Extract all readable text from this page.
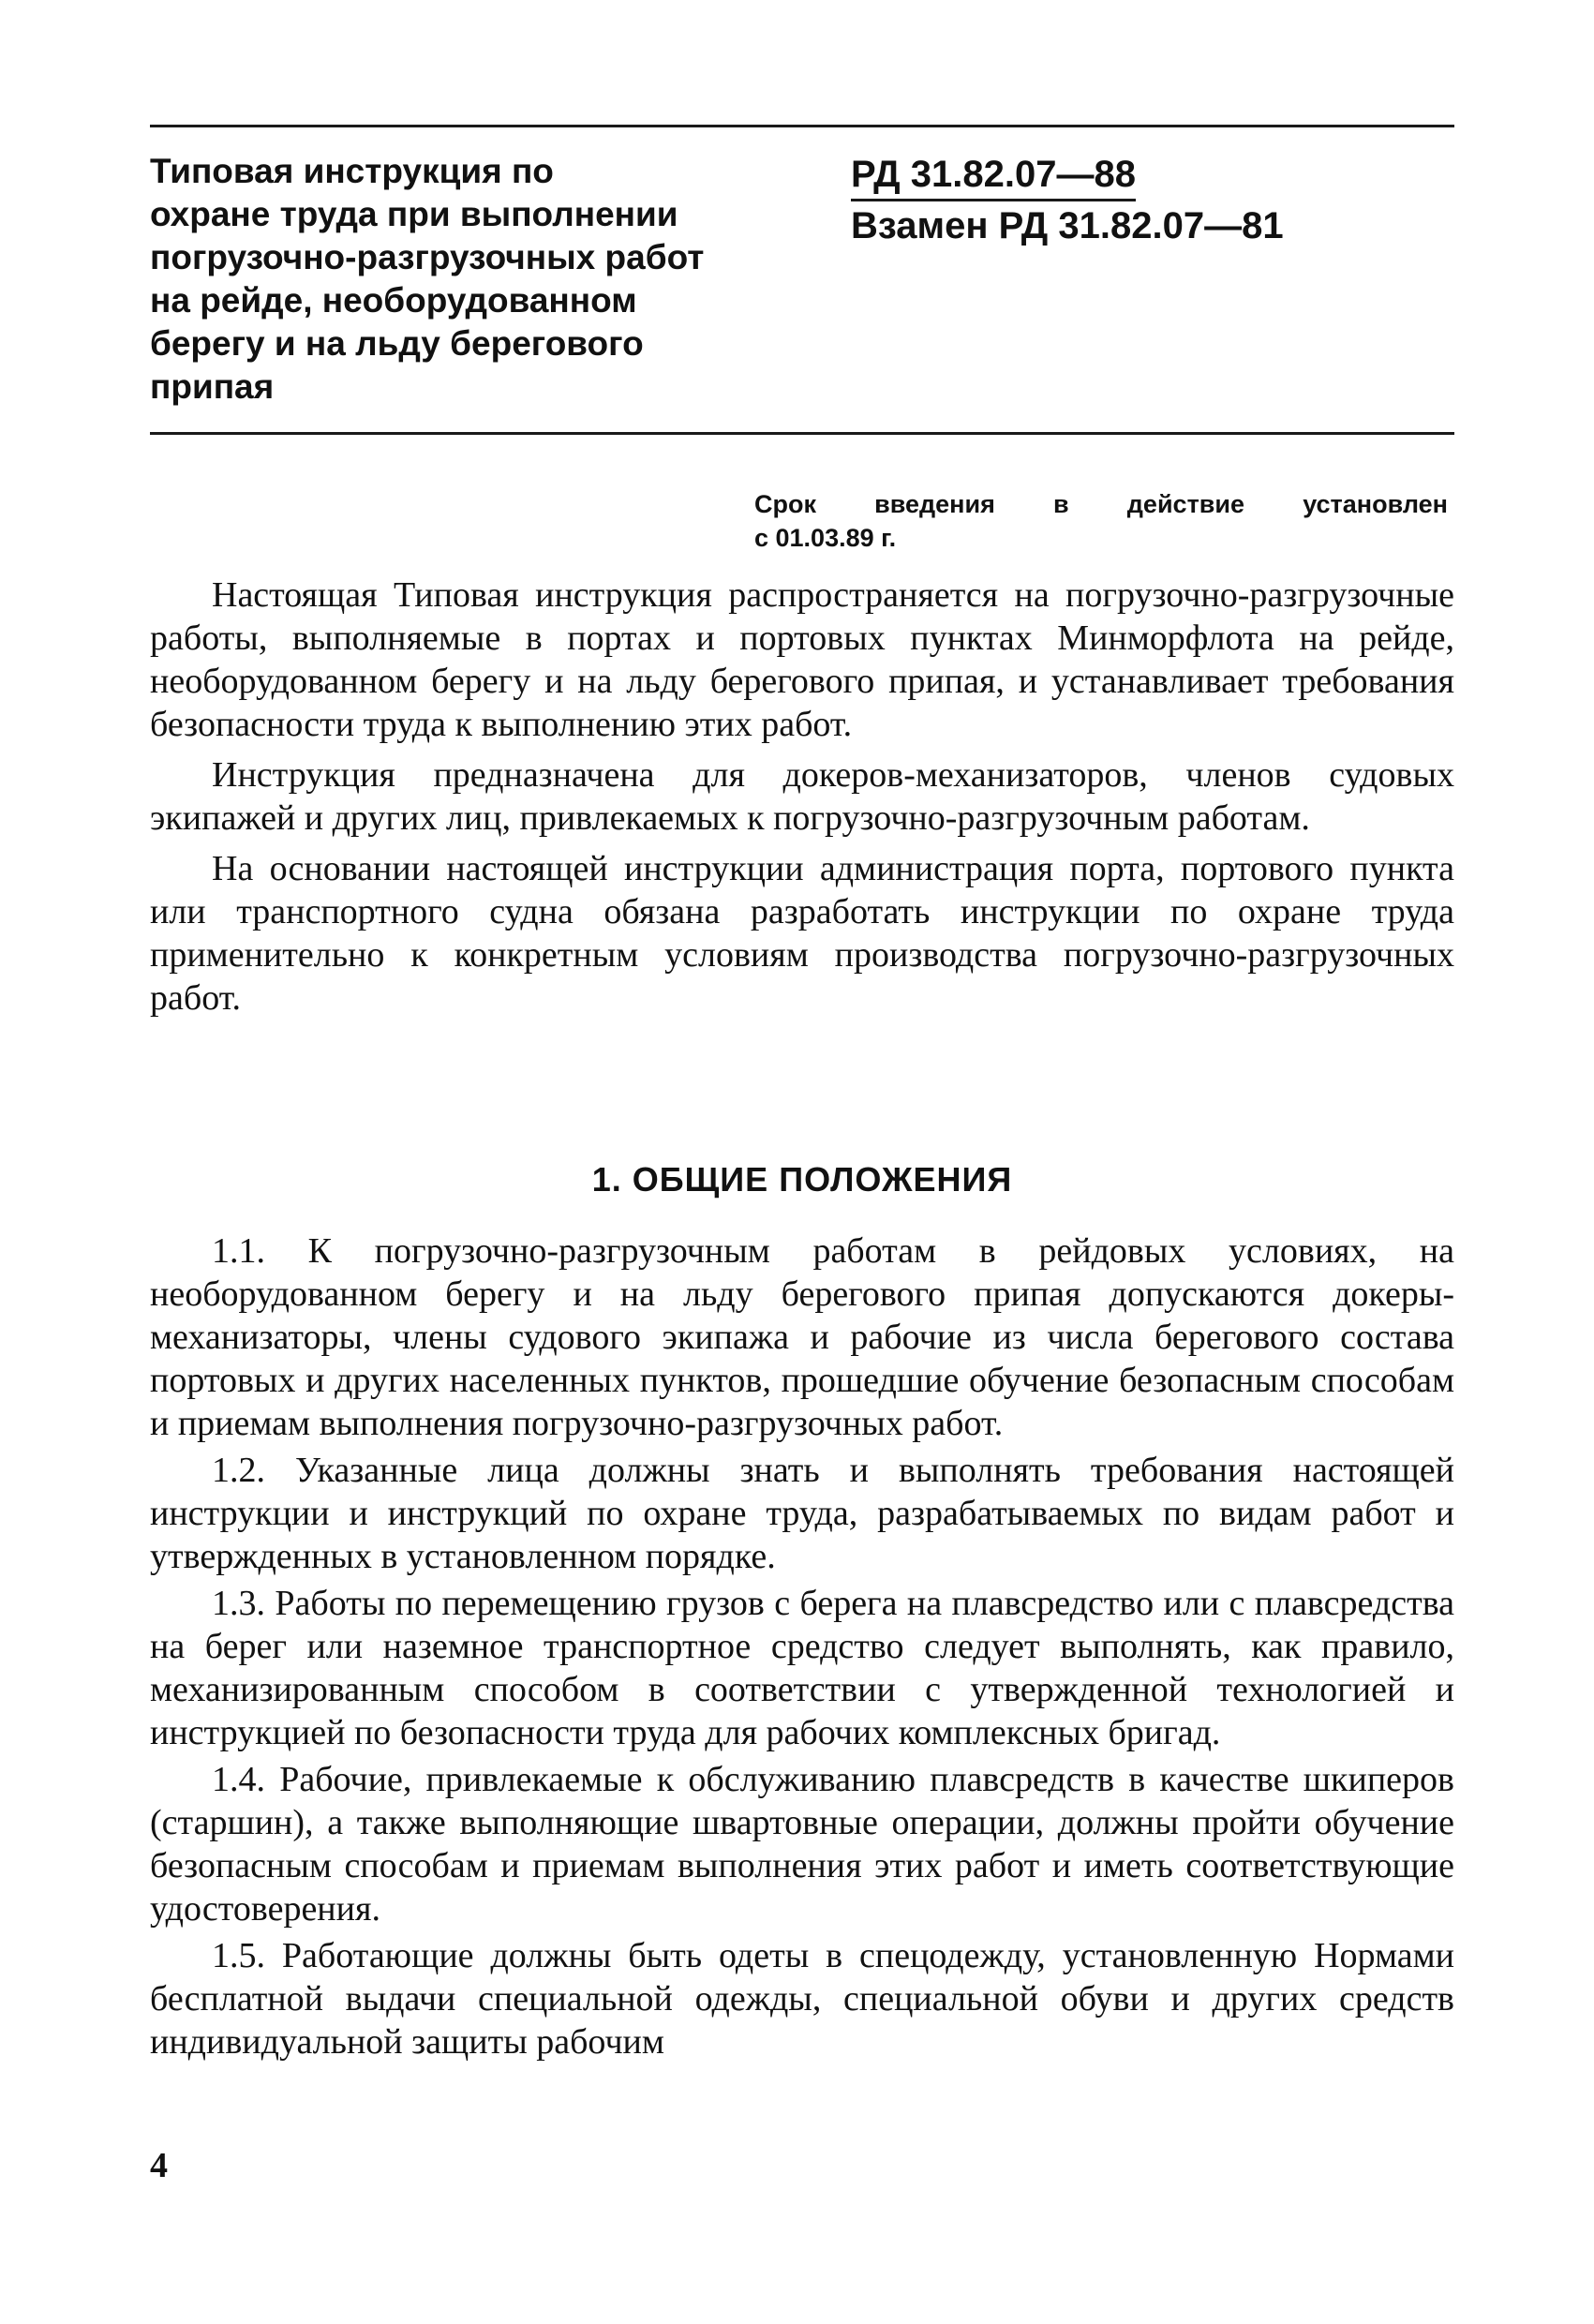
Типовая инструкция по
охране труда при выполнении
погрузочно-разгрузочных работ
на рейде, необорудованном
берегу и на льду берегового
припая
РД 31.82.07—88
Взамен РД 31.82.07—81
Срок введения в действие установлен
с 01.03.89 г.

Настоящая Типовая инструкция распространяется на погрузочно-разгрузочные работы, выполняемые в портах и портовых пунктах Минморфлота на рейде, необорудованном берегу и на льду берегового припая, и устанавливает требования безопасности труда к выполнению этих работ.

Инструкция предназначена для докеров-механизаторов, членов судовых экипажей и других лиц, привлекаемых к погрузочно-разгрузочным работам.

На основании настоящей инструкции администрация порта, портового пункта или транспортного судна обязана разработать инструкции по охране труда применительно к конкретным условиям производства погрузочно-разгрузочных работ.

1. ОБЩИЕ ПОЛОЖЕНИЯ

1.1. К погрузочно-разгрузочным работам в рейдовых условиях, на необорудованном берегу и на льду берегового припая допускаются докеры-механизаторы, члены судового экипажа и рабочие из числа берегового состава портовых и других населенных пунктов, прошедшие обучение безопасным способам и приемам выполнения погрузочно-разгрузочных работ.

1.2. Указанные лица должны знать и выполнять требования настоящей инструкции и инструкций по охране труда, разрабатываемых по видам работ и утвержденных в установленном порядке.

1.3. Работы по перемещению грузов с берега на плавсредство или с плавсредства на берег или наземное транспортное средство следует выполнять, как правило, механизированным способом в соответствии с утвержденной технологией и инструкцией по безопасности труда для рабочих комплексных бригад.

1.4. Рабочие, привлекаемые к обслуживанию плавсредств в качестве шкиперов (старшин), а также выполняющие швартовные операции, должны пройти обучение безопасным способам и приемам выполнения этих работ и иметь соответствующие удостоверения.

1.5. Работающие должны быть одеты в спецодежду, установленную Нормами бесплатной выдачи специальной одежды, специальной обуви и других средств индивидуальной защиты рабочим

4
